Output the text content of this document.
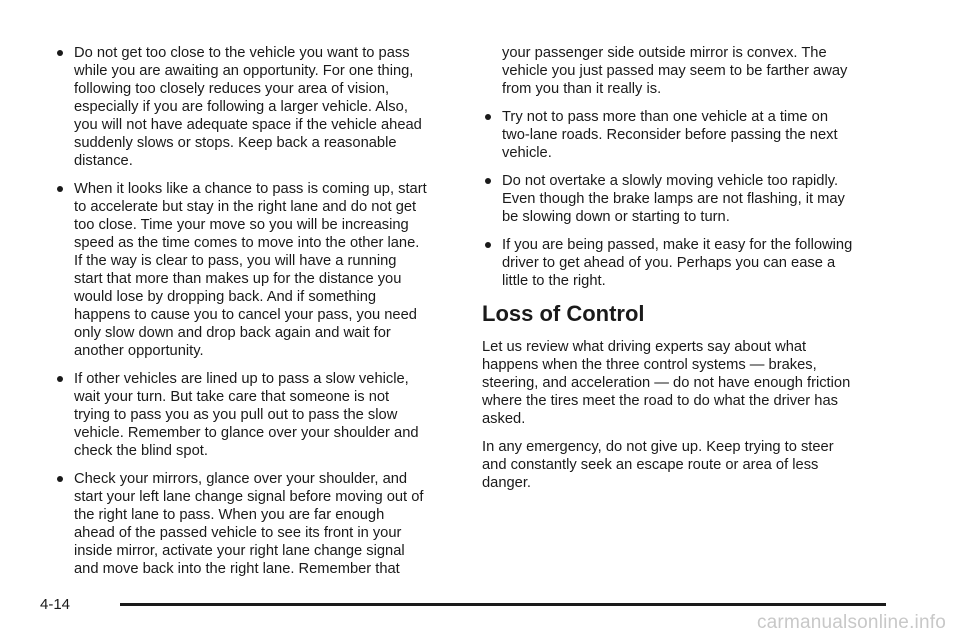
Do not get too close to the vehicle you want to pass while you are awaiting an opportunity. For one thing, following too closely reduces your area of vision, especially if you are following a larger vehicle. Also, you will not have adequate space if the vehicle ahead suddenly slows or stops. Keep back a reasonable distance.
When it looks like a chance to pass is coming up, start to accelerate but stay in the right lane and do not get too close. Time your move so you will be increasing speed as the time comes to move into the other lane. If the way is clear to pass, you will have a running start that more than makes up for the distance you would lose by dropping back. And if something happens to cause you to cancel your pass, you need only slow down and drop back again and wait for another opportunity.
If other vehicles are lined up to pass a slow vehicle, wait your turn. But take care that someone is not trying to pass you as you pull out to pass the slow vehicle. Remember to glance over your shoulder and check the blind spot.
Check your mirrors, glance over your shoulder, and start your left lane change signal before moving out of the right lane to pass. When you are far enough ahead of the passed vehicle to see its front in your inside mirror, activate your right lane change signal and move back into the right lane. Remember that

your passenger side outside mirror is convex. The vehicle you just passed may seem to be farther away from you than it really is.

Try not to pass more than one vehicle at a time on two-lane roads. Reconsider before passing the next vehicle.
Do not overtake a slowly moving vehicle too rapidly. Even though the brake lamps are not flashing, it may be slowing down or starting to turn.
If you are being passed, make it easy for the following driver to get ahead of you. Perhaps you can ease a little to the right.
Loss of Control

Let us review what driving experts say about what happens when the three control systems — brakes, steering, and acceleration — do not have enough friction where the tires meet the road to do what the driver has asked.

In any emergency, do not give up. Keep trying to steer and constantly seek an escape route or area of less danger.

4-14
carmanualsonline.info
